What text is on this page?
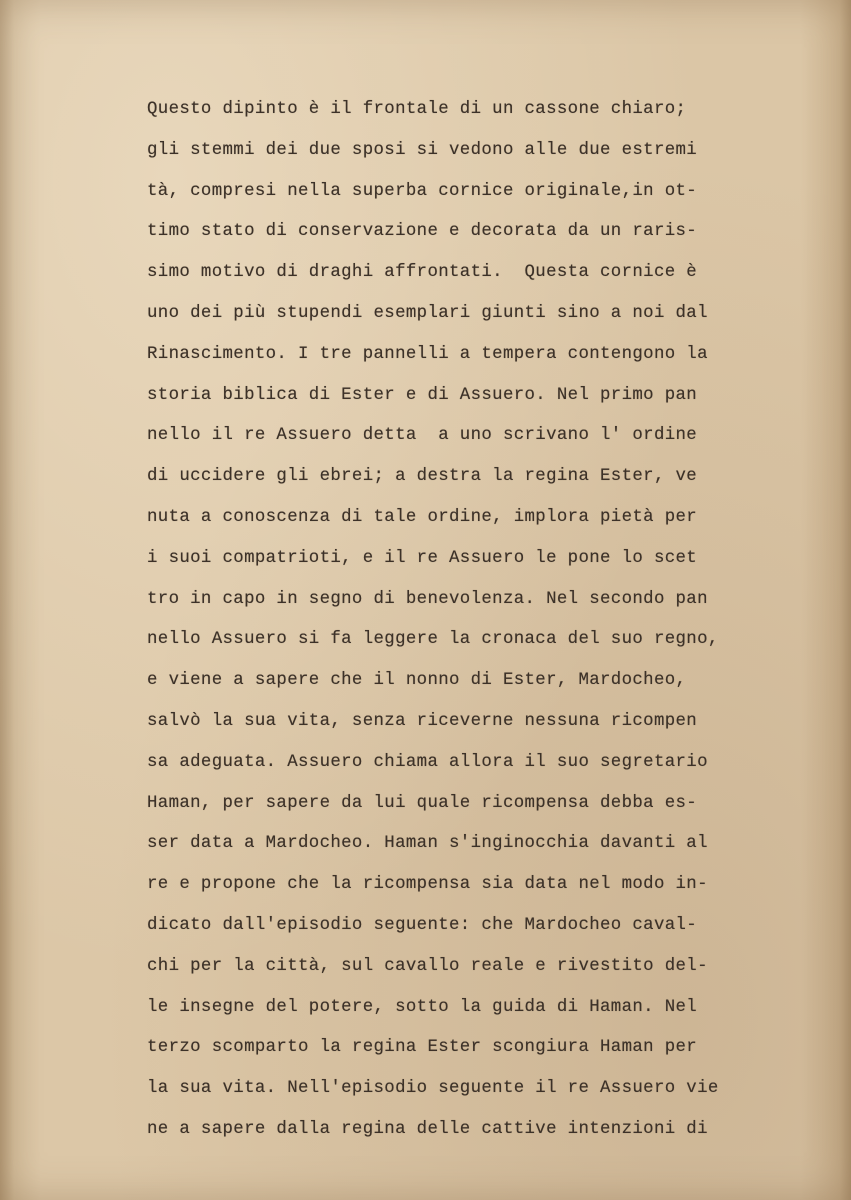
Questo dipinto è il frontale di un cassone chiaro;
gli stemmi dei due sposi si vedono alle due estremi
tà, compresi nella superba cornice originale,in ot-
timo stato di conservazione e decorata da un raris-
simo motivo di draghi affrontati.  Questa cornice è
uno dei più stupendi esemplari giunti sino a noi dal
Rinascimento. I tre pannelli a tempera contengono la
storia biblica di Ester e di Assuero. Nel primo pan
nello il re Assuero detta  a uno scrivano l' ordine
di uccidere gli ebrei; a destra la regina Ester, ve
nuta a conoscenza di tale ordine, implora pietà per
i suoi compatrioti, e il re Assuero le pone lo scet
tro in capo in segno di benevolenza. Nel secondo pan
nello Assuero si fa leggere la cronaca del suo regno,
e viene a sapere che il nonno di Ester, Mardocheo,
salvò la sua vita, senza riceverne nessuna ricompen
sa adeguata. Assuero chiama allora il suo segretario
Haman, per sapere da lui quale ricompensa debba es-
ser data a Mardocheo. Haman s'inginocchia davanti al
re e propone che la ricompensa sia data nel modo in-
dicato dall'episodio seguente: che Mardocheo caval-
chi per la città, sul cavallo reale e rivestito del-
le insegne del potere, sotto la guida di Haman. Nel
terzo scomparto la regina Ester scongiura Haman per
la sua vita. Nell'episodio seguente il re Assuero vie
ne a sapere dalla regina delle cattive intenzioni di
